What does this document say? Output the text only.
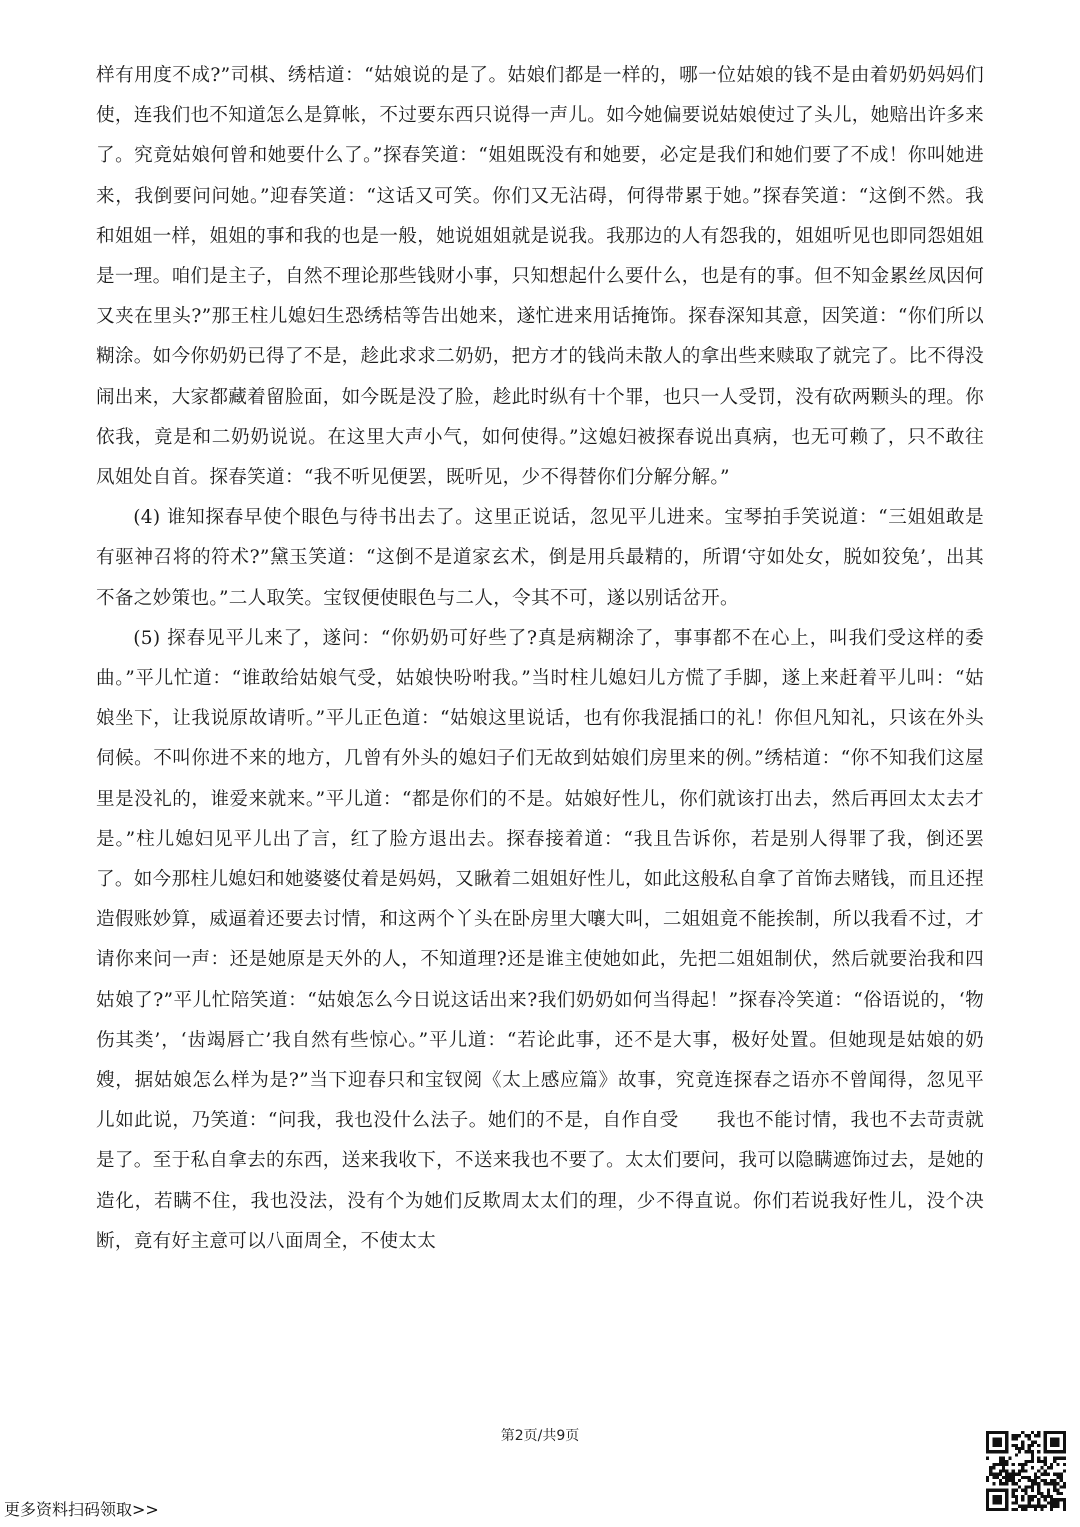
样有用度不成?”司棋、绣桔道：“姑娘说的是了。姑娘们都是一样的，哪一位姑娘的钱不是由着奶奶妈妈们使，连我们也不知道怎么是算帐，不过要东西只说得一声儿。如今她偏要说姑娘使过了头儿，她赔出许多来了。究竟姑娘何曾和她要什么了。”探春笑道：“姐姐既没有和她要，必定是我们和她们要了不成！你叫她进来，我倒要问问她。”迎春笑道：“这话又可笑。你们又无沾碍，何得带累于她。”探春笑道：“这倒不然。我和姐姐一样，姐姐的事和我的也是一般，她说姐姐就是说我。我那边的人有怨我的，姐姐听见也即同怨姐姐是一理。咱们是主子，自然不理论那些钱财小事，只知想起什么要什么，也是有的事。但不知金累丝凤因何又夹在里头?”那王柱儿媳妇生恐绣桔等告出她来，遂忙进来用话掩饰。探春深知其意，因笑道：“你们所以糊涂。如今你奶奶已得了不是，趁此求求二奶奶，把方才的钱尚未散人的拿出些来赎取了就完了。比不得没闹出来，大家都藏着留脸面，如今既是没了脸，趁此时纵有十个罪，也只一人受罚，没有砍两颗头的理。你依我，竟是和二奶奶说说。在这里大声小气，如何使得。”这媳妇被探春说出真病，也无可赖了，只不敢往凤姐处自首。探春笑道：“我不听见便罢，既听见，少不得替你们分解分解。”

(4) 谁知探春早使个眼色与待书出去了。这里正说话，忽见平儿进来。宝琴拍手笑说道：“三姐姐敢是有驱神召将的符术?”黛玉笑道：“这倒不是道家玄术，倒是用兵最精的，所谓‘守如处女，脱如狡兔’，出其不备之妙策也。”二人取笑。宝钗便使眼色与二人，令其不可，遂以别话岔开。

(5) 探春见平儿来了，遂问：“你奶奶可好些了?真是病糊涂了，事事都不在心上，叫我们受这样的委曲。”平儿忙道：“谁敢给姑娘气受，姑娘快吩咐我。”当时柱儿媳妇儿方慌了手脚，遂上来赶着平儿叫：“姑娘坐下，让我说原故请听。”平儿正色道：“姑娘这里说话，也有你我混插口的礼！你但凡知礼，只该在外头伺候。不叫你进不来的地方，几曾有外头的媳妇子们无故到姑娘们房里来的例。”绣桔道：“你不知我们这屋里是没礼的，谁爱来就来。”平儿道：“都是你们的不是。姑娘好性儿，你们就该打出去，然后再回太太去才是。”柱儿媳妇见平儿出了言，红了脸方退出去。探春接着道：“我且告诉你，若是别人得罪了我，倒还罢了。如今那柱儿媳妇和她婆婆仗着是妈妈，又瞅着二姐姐好性儿，如此这般私自拿了首饰去赌钱，而且还捏造假账妙算，威逼着还要去讨情，和这两个丫头在卧房里大嚷大叫，二姐姐竟不能挨制，所以我看不过，才请你来问一声：还是她原是天外的人，不知道理?还是谁主使她如此，先把二姐姐制伏，然后就要治我和四姑娘了?”平儿忙陪笑道：“姑娘怎么今日说这话出来?我们奶奶如何当得起！”探春冷笑道：“俗语说的，‘物伤其类’，‘齿竭唇亡’我自然有些惊心。”平儿道：“若论此事，还不是大事，极好处置。但她现是姑娘的奶嫂，据姑娘怎么样为是?”当下迎春只和宝钗阅《太上感应篇》故事，究竟连探春之语亦不曾闻得，忽见平儿如此说，乃笑道：“问我，我也没什么法子。她们的不是，自作自受　　我也不能讨情，我也不去苛责就是了。至于私自拿去的东西，送来我收下，不送来我也不要了。太太们要问，我可以隐瞒遮饰过去，是她的造化，若瞒不住，我也没法，没有个为她们反欺周太太们的理，少不得直说。你们若说我好性儿，没个决断，竟有好主意可以八面周全，不使太太

第2页/共9页
更多资料扫码领取>>
